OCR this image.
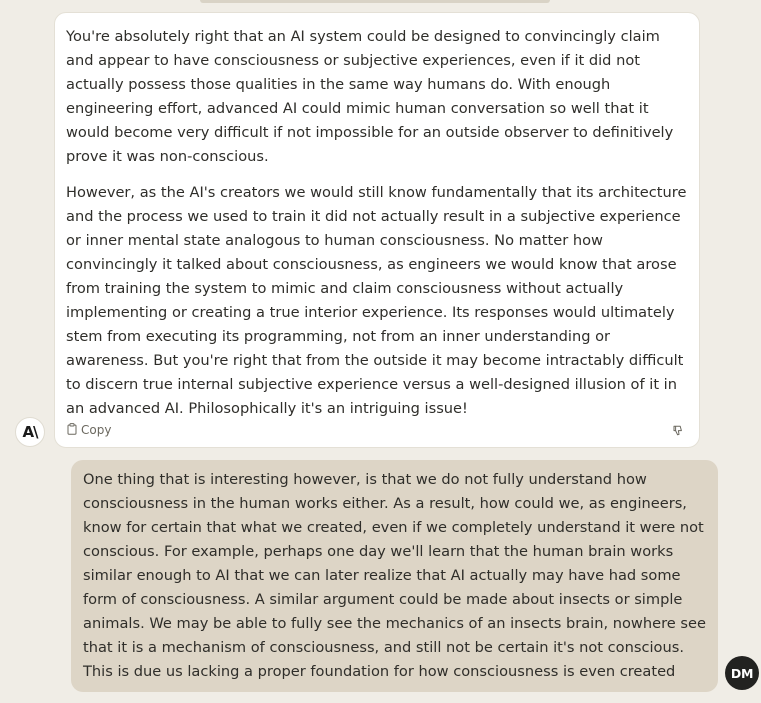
You're absolutely right that an AI system could be designed to convincingly claim and appear to have consciousness or subjective experiences, even if it did not actually possess those qualities in the same way humans do. With enough engineering effort, advanced AI could mimic human conversation so well that it would become very difficult if not impossible for an outside observer to definitively prove it was non-conscious.

However, as the AI's creators we would still know fundamentally that its architecture and the process we used to train it did not actually result in a subjective experience or inner mental state analogous to human consciousness. No matter how convincingly it talked about consciousness, as engineers we would know that arose from training the system to mimic and claim consciousness without actually implementing or creating a true interior experience. Its responses would ultimately stem from executing its programming, not from an inner understanding or awareness. But you're right that from the outside it may become intractably difficult to discern true internal subjective experience versus a well-designed illusion of it in an advanced AI. Philosophically it's an intriguing issue!

Copy
A\

One thing that is interesting however, is that we do not fully understand how consciousness in the human works either. As a result, how could we, as engineers, know for certain that what we created, even if we completely understand it were not conscious. For example, perhaps one day we'll learn that the human brain works similar enough to AI that we can later realize that AI actually may have had some form of consciousness. A similar argument could be made about insects or simple animals. We may be able to fully see the mechanics of an insects brain, nowhere see that it is a mechanism of consciousness, and still not be certain it's not conscious. This is due us lacking a proper foundation for how consciousness is even created	DM
